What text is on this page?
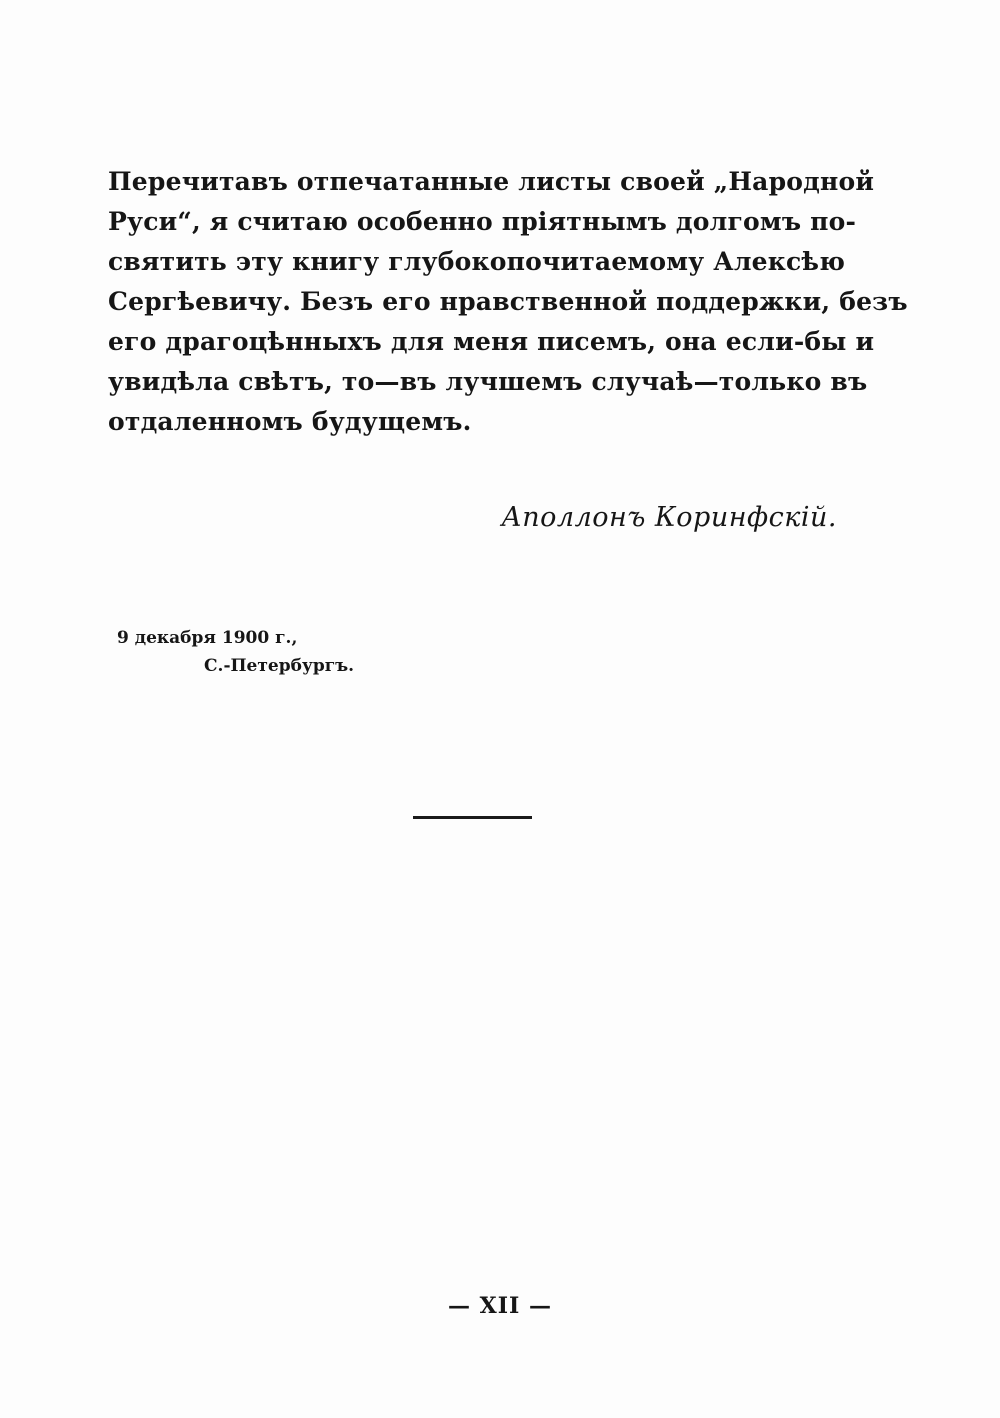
Перечитавъ отпечатанные листы своей „Народной
Руси“, я считаю особенно прiятнымъ долгомъ по-
святить эту книгу глубокопочитаемому Алексѣю
Сергѣевичу. Безъ его нравственной поддержки, безъ
его драгоцѣнныхъ для меня писемъ, она если-бы и
увидѣла свѣтъ, то—въ лучшемъ случаѣ—только въ
отдаленномъ будущемъ.
Аполлонъ Коринфскiй.
9 декабря 1900 г.,
С.-Петербургъ.
— XII —
